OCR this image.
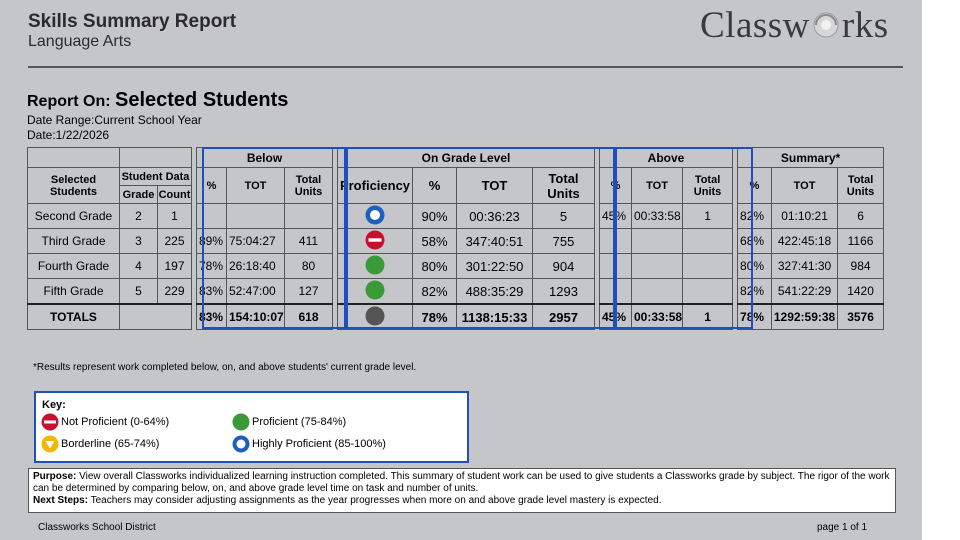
Skills Summary Report
Language Arts	Classw rks
Report On: Selected Students
Date Range:Current School Year
Date:1/22/2026
				Below				On Grade Level					Above				Summary*		
Selected Students	Student Data			%	TOT	Total Units		Proficiency	%	TOT	Total Units		%	TOT	Total Units		%	TOT	Total Units
	Grade	Count																	
Second Grade	2	1							90%	00:36:23	5		45%	00:33:58	1		82%	01:10:21	6
Third Grade	3	225		89%	75:04:27	411			58%	347:40:51	755						68%	422:45:18	1166
Fourth Grade	4	197		78%	26:18:40	80			80%	301:22:50	904						80%	327:41:30	984
Fifth Grade	5	229		83%	52:47:00	127			82%	488:35:29	1293						82%	541:22:29	1420
TOTALS				83%	154:10:07	618			78%	1138:15:33	2957		45%	00:33:58	1		78%	1292:59:38	3576
*Results represent work completed below, on, and above students' current grade level.
Key:
Not Proficient (0-64%)
Borderline (65-74%)
Proficient (75-84%)
Highly Proficient (85-100%)
Purpose: View overall Classworks individualized learning instruction completed. This summary of student work can be used to give students a Classworks grade by subject. The rigor of the work can be determined by comparing below, on, and above grade level time on task and number of units.
Next Steps: Teachers may consider adjusting assignments as the year progresses when more on and above grade level mastery is expected.
Classworks School District	page 1 of 1
